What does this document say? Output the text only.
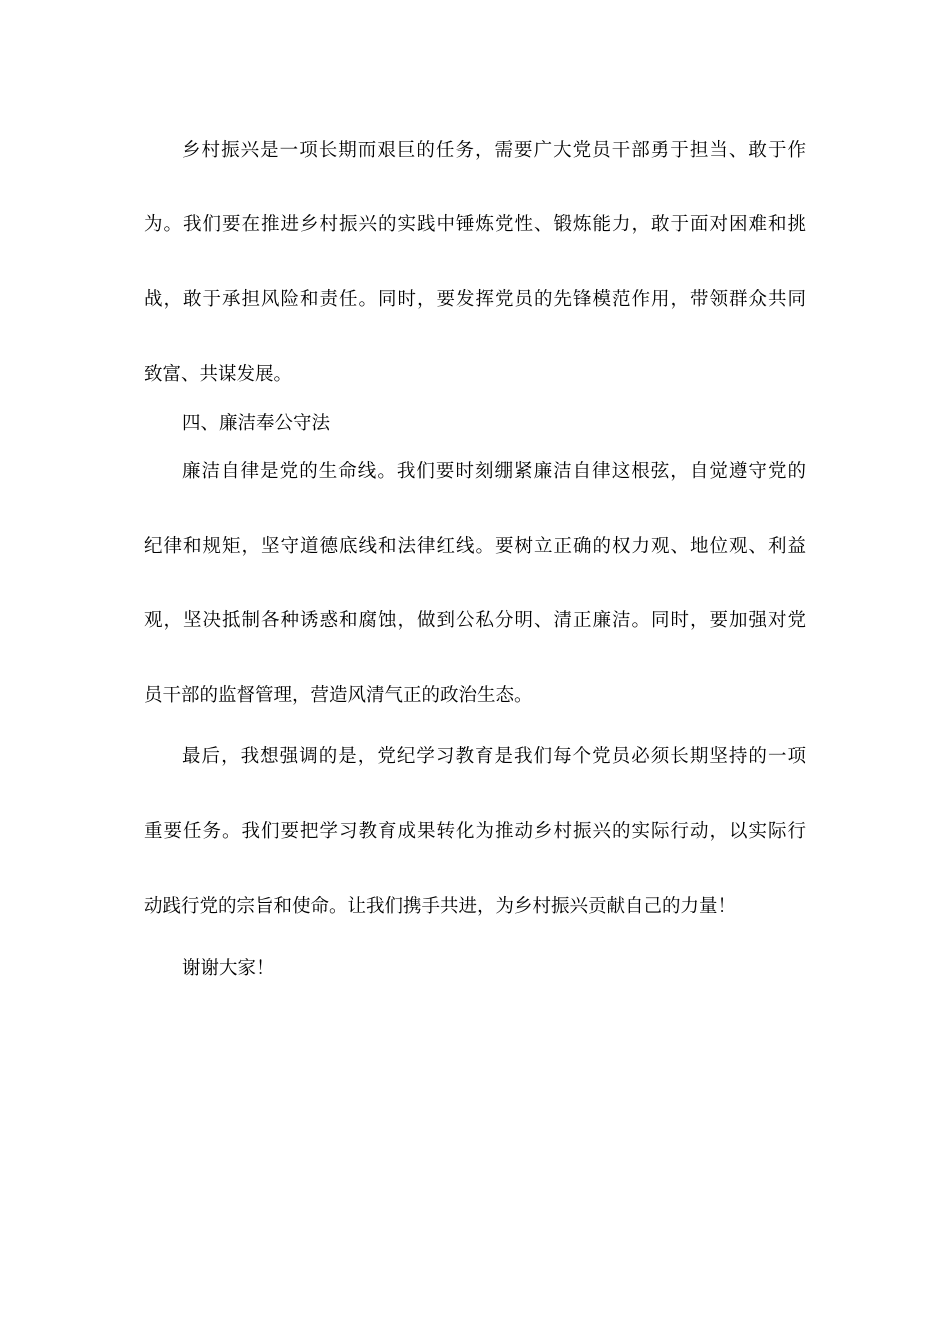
乡村振兴是一项长期而艰巨的任务，需要广大党员干部勇于担当、敢于作
为。我们要在推进乡村振兴的实践中锤炼党性、锻炼能力，敢于面对困难和挑
战，敢于承担风险和责任。同时，要发挥党员的先锋模范作用，带领群众共同
致富、共谋发展。
四、廉洁奉公守法
廉洁自律是党的生命线。我们要时刻绷紧廉洁自律这根弦，自觉遵守党的
纪律和规矩，坚守道德底线和法律红线。要树立正确的权力观、地位观、利益
观，坚决抵制各种诱惑和腐蚀，做到公私分明、清正廉洁。同时，要加强对党
员干部的监督管理，营造风清气正的政治生态。
最后，我想强调的是，党纪学习教育是我们每个党员必须长期坚持的一项
重要任务。我们要把学习教育成果转化为推动乡村振兴的实际行动，以实际行
动践行党的宗旨和使命。让我们携手共进，为乡村振兴贡献自己的力量！
谢谢大家！
